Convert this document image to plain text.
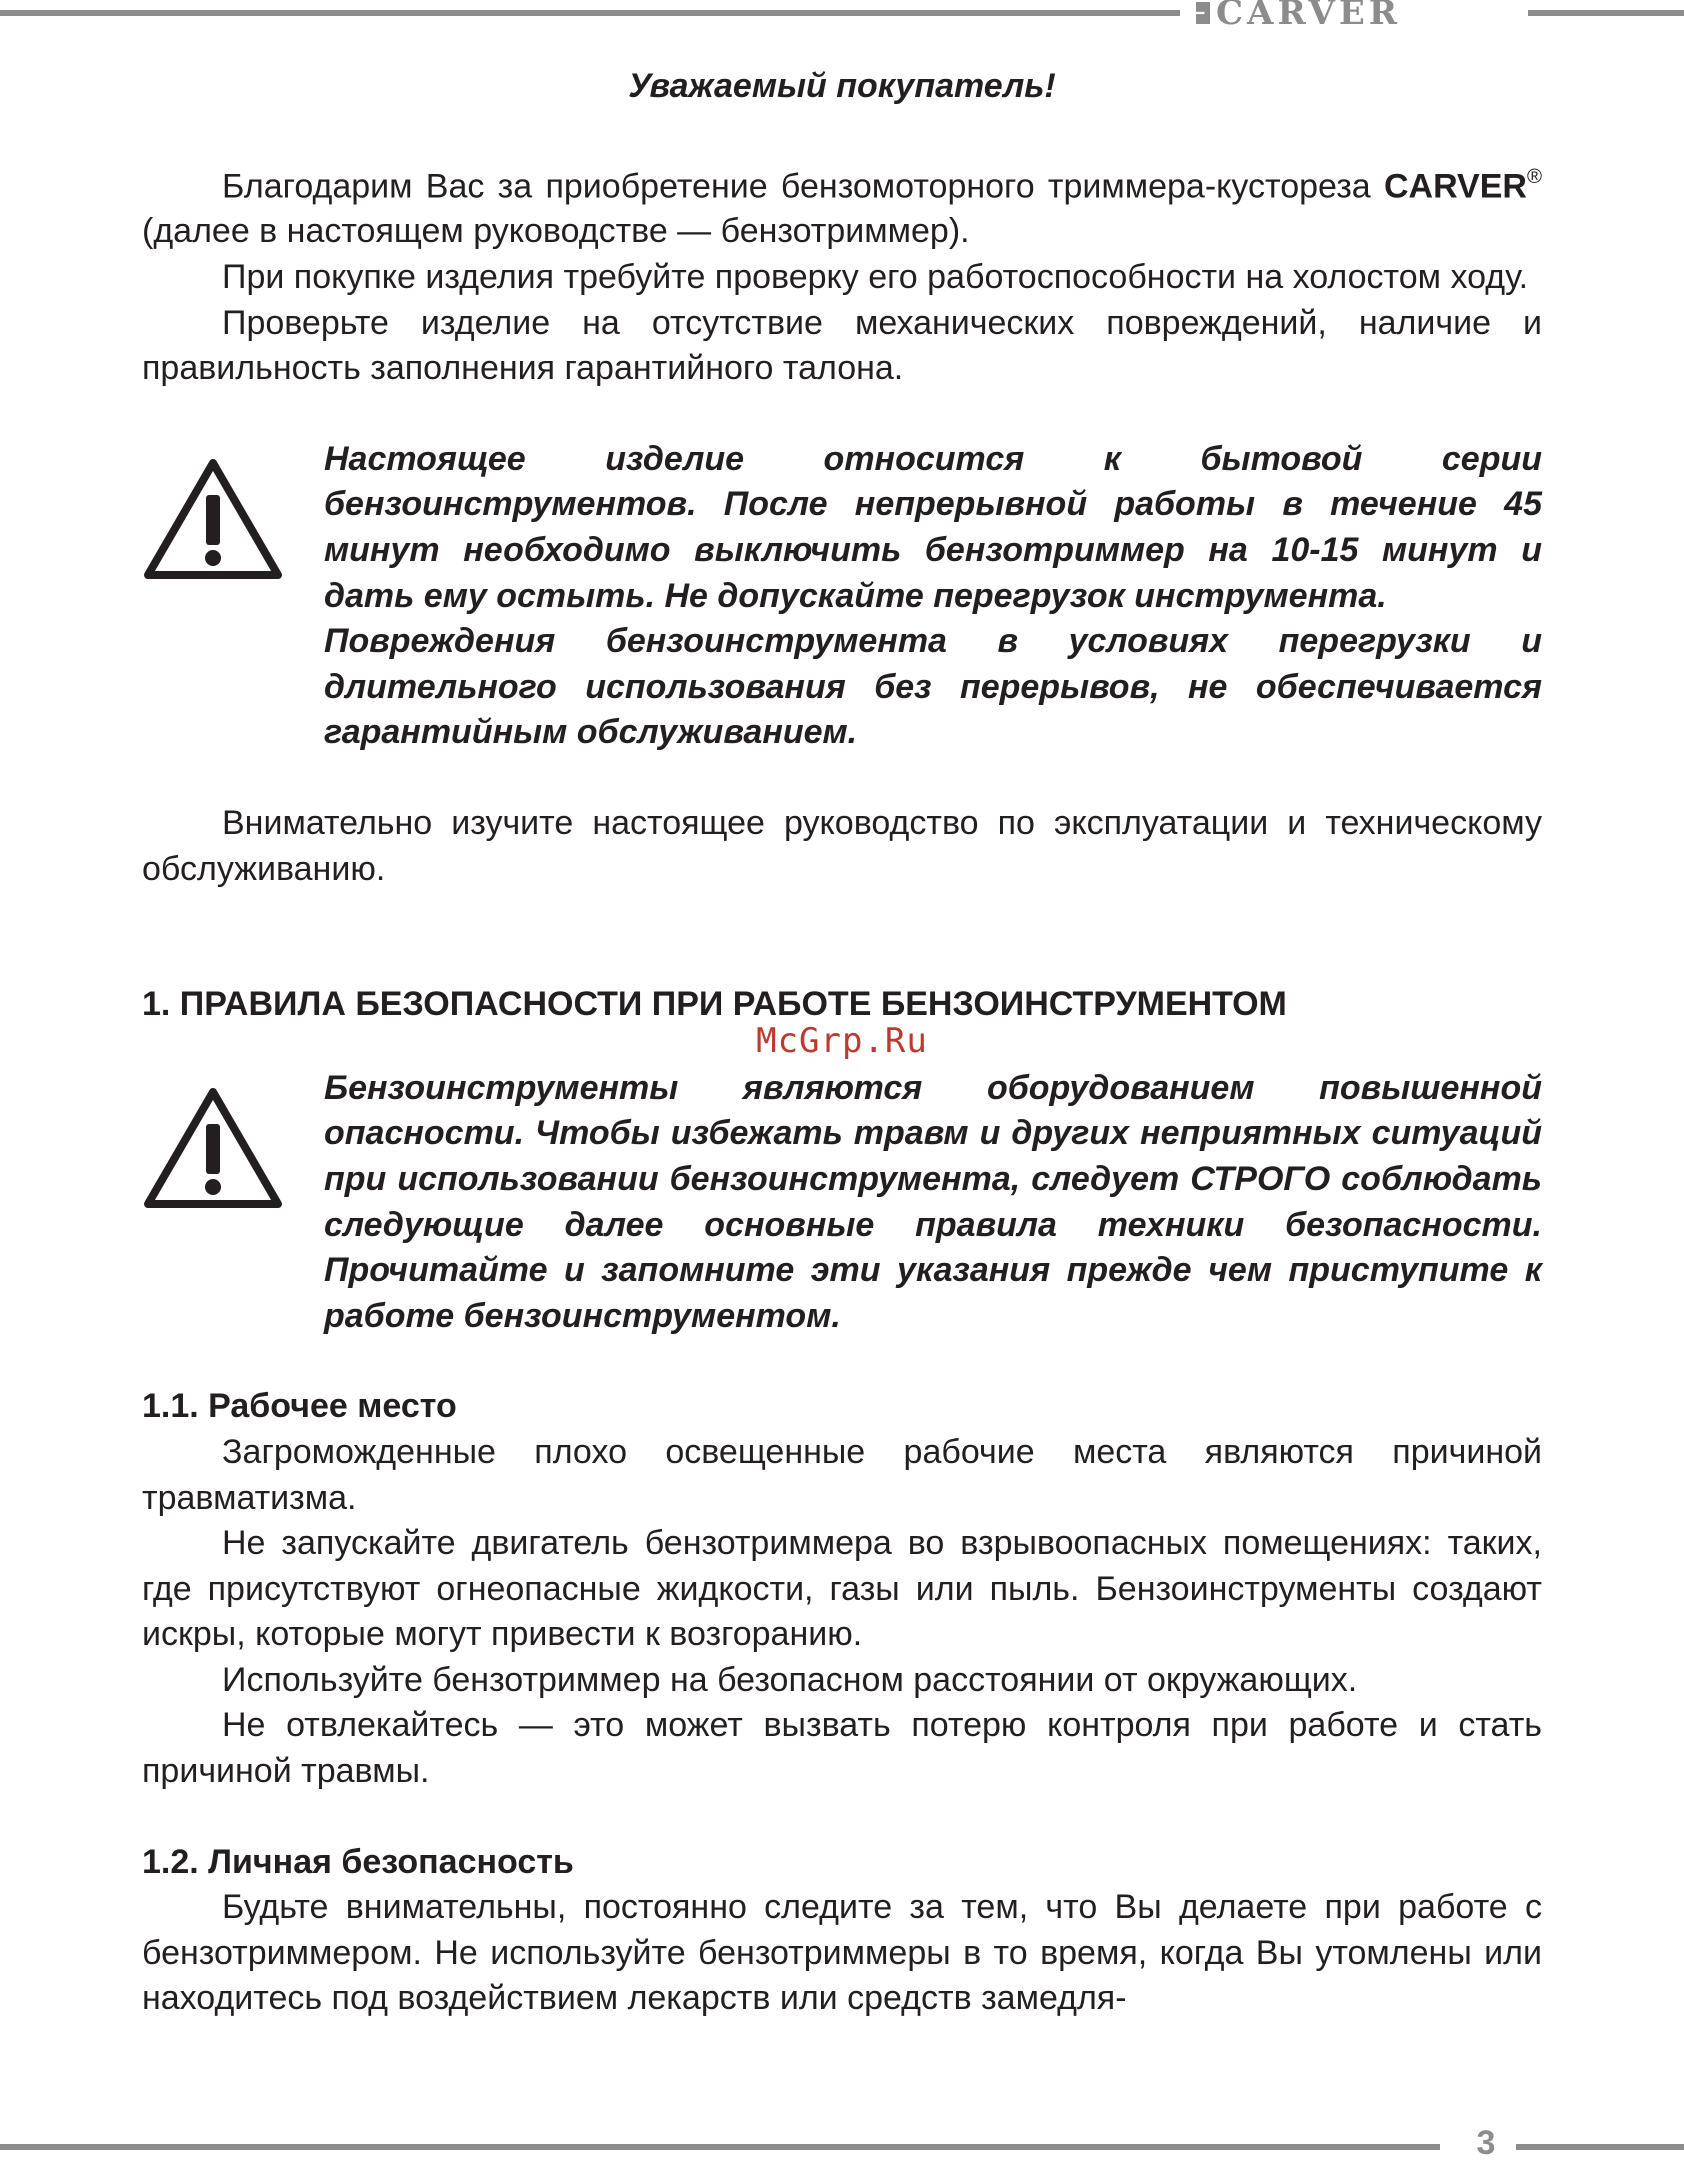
CARVER
Уважаемый покупатель!

Благодарим Вас за приобретение бензомоторного триммера-кустореза CARVER® (далее в настоящем руководстве — бензотриммер).

При покупке изделия требуйте проверку его работоспособности на холостом ходу.

Проверьте изделие на отсутствие механических повреждений, наличие и правильность заполнения гарантийного талона.

Настоящее изделие относится к бытовой серии бензоинструментов. После непрерывной работы в течение 45 минут необходимо выключить бензотриммер на 10-15 минут и дать ему остыть. Не допускайте перегрузок инструмента.
Повреждения бензоинструмента в условиях перегрузки и длительного использования без перерывов, не обеспечивается гарантийным обслуживанием.

Внимательно изучите настоящее руководство по эксплуатации и техническому обслуживанию.

1. ПРАВИЛА БЕЗОПАСНОСТИ ПРИ РАБОТЕ БЕНЗОИНСТРУМЕНТОМ
McGrp.Ru
Бензоинструменты являются оборудованием повышенной опасности. Чтобы избежать травм и других неприятных ситуаций при использовании бензоинструмента, следует СТРОГО соблюдать следующие далее основные правила техники безопасности. Прочитайте и запомните эти указания прежде чем приступите к работе бензоинструментом.
1.1. Рабочее место

Загроможденные плохо освещенные рабочие места являются причиной травматизма.

Не запускайте двигатель бензотриммера во взрывоопасных помещениях: таких, где присутствуют огнеопасные жидкости, газы или пыль. Бензоинструменты создают искры, которые могут привести к возгоранию.

Используйте бензотриммер на безопасном расстоянии от окружающих.

Не отвлекайтесь — это может вызвать потерю контроля при работе и стать причиной травмы.

1.2. Личная безопасность

Будьте внимательны, постоянно следите за тем, что Вы делаете при работе с бензотриммером. Не используйте бензотриммеры в то время, когда Вы утомлены или находитесь под воздействием лекарств или средств замедля-

3
